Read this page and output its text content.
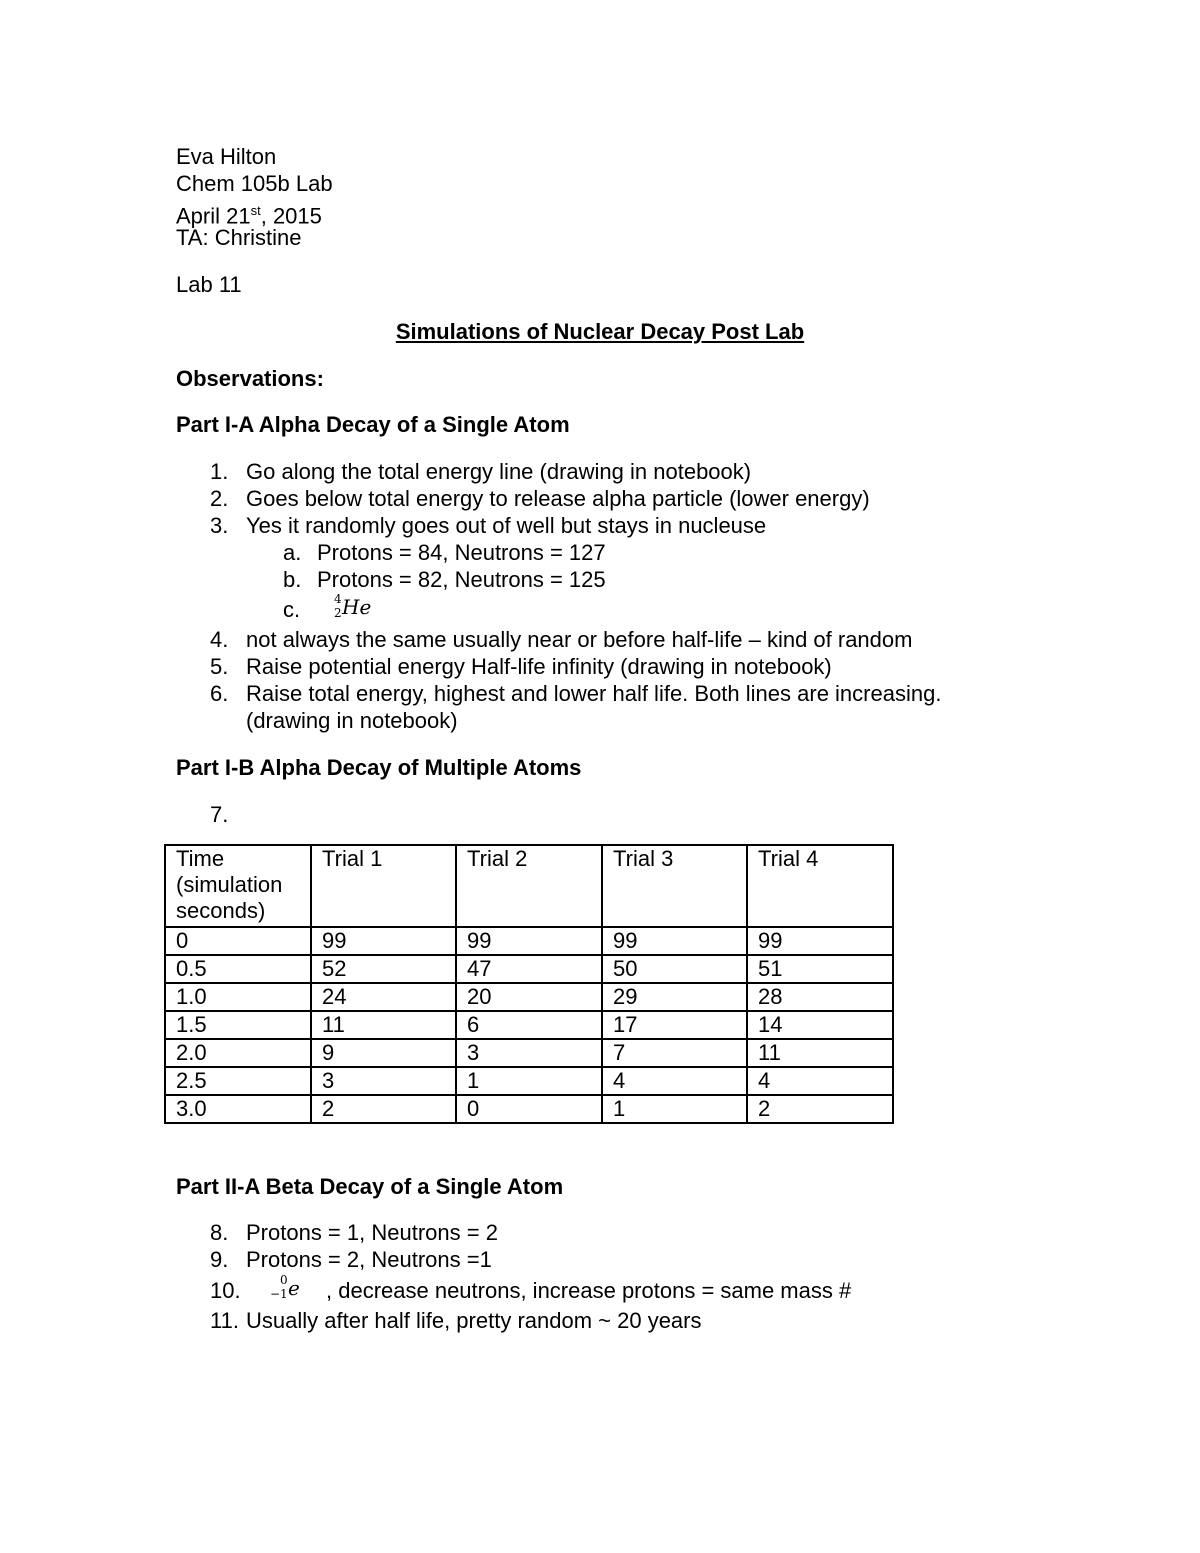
Eva Hilton
Chem 105b Lab
April 21st, 2015
TA: Christine
Lab 11
Simulations of Nuclear Decay Post Lab
Observations:
Part I-A Alpha Decay of a Single Atom
1. Go along the total energy line (drawing in notebook)
2. Goes below total energy to release alpha particle (lower energy)
3. Yes it randomly goes out of well but stays in nucleuse
a. Protons = 84, Neutrons = 127
b. Protons = 82, Neutrons = 125
c.	4
2 He
4. not always the same usually near or before half-life – kind of random
5. Raise potential energy Half-life infinity (drawing in notebook)
6. Raise total energy, highest and lower half life. Both lines are increasing.
(drawing in notebook)
Part I-B Alpha Decay of Multiple Atoms
7.
Time
(simulation
seconds)	Trial 1	Trial 2	Trial 3	Trial 4
0	99	99	99	99
0.5	52	47	50	51
1.0	24	20	29	28
1.5	11	6	17	14
2.0	9	3	7	11
2.5	3	1	4	4
3.0	2	0	1	2
Part II-A Beta Decay of a Single Atom
8. Protons = 1, Neutrons = 2
9. Protons = 2, Neutrons =1
10.	0
−1 e , decrease neutrons, increase protons = same mass #
11. Usually after half life, pretty random ~ 20 years
